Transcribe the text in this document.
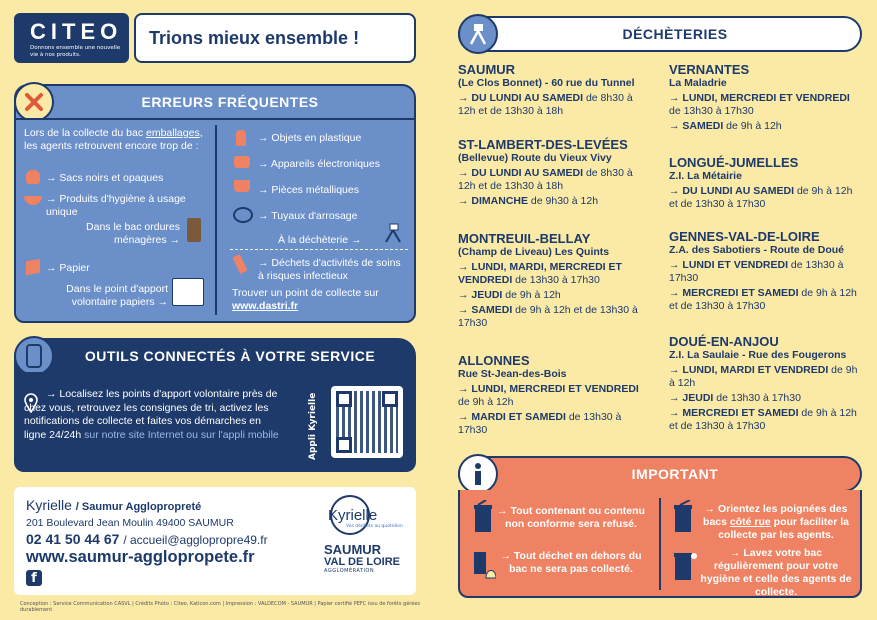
CITEO
Donnons ensemble une nouvelle vie à nos produits.
Trions mieux ensemble !
ERREURS FRÉQUENTES
Lors de la collecte du bac emballages, les agents retrouvent encore trop de :
→ Sacs noirs et opaques
→ Produits d'hygiène à usage unique
Dans le bac ordures ménagères →
→ Papier
Dans le point d'apport volontaire papiers →
→ Objets en plastique
→ Appareils électroniques
→ Pièces métalliques
→ Tuyaux d'arrosage
À la déchèterie →
→ Déchets d'activités de soins à risques infectieux
Trouver un point de collecte sur www.dastri.fr
OUTILS CONNECTÉS À VOTRE SERVICE
→ Localisez les points d'apport volontaire près de chez vous, retrouvez les consignes de tri, activez les notifications de collecte et faites vos démarches en ligne 24/24h sur notre site Internet ou sur l'appli mobile	Appli Kyrielle
Kyrielle / Saumur Agglopropreté
201 Boulevard Jean Moulin 49400 SAUMUR
02 41 50 44 67 / accueil@agglopropre49.fr
www.saumur-agglopropete.fr
f
Kyrielle
Vos déchets au quotidien
SAUMUR
VAL DE LOIRE
AGGLOMÉRATION
Conception : Service Communication CASVL | Crédits Photo : Citeo, Katicon.com | Impression : VALDECOM - SAUMUR | Papier certifié PEFC issu de forêts gérées durablement
DÉCHÈTERIES
SAUMUR
(Le Clos Bonnet) - 60 rue du Tunnel
→ DU LUNDI AU SAMEDI de 8h30 à 12h et de 13h30 à 18h
ST-LAMBERT-DES-LEVÉES
(Bellevue) Route du Vieux Vivy
→ DU LUNDI AU SAMEDI de 8h30 à 12h et de 13h30 à 18h
→ DIMANCHE de 9h30 à 12h
MONTREUIL-BELLAY
(Champ de Liveau) Les Quints
→ LUNDI, MARDI, MERCREDI ET VENDREDI de 13h30 à 17h30
→ JEUDI de 9h à 12h
→ SAMEDI de 9h à 12h et de 13h30 à 17h30
ALLONNES
Rue St-Jean-des-Bois
→ LUNDI, MERCREDI ET VENDREDI de 9h à 12h
→ MARDI ET SAMEDI de 13h30 à 17h30
VERNANTES
La Maladrie
→ LUNDI, MERCREDI ET VENDREDI de 13h30 à 17h30
→ SAMEDI de 9h à 12h
LONGUÉ-JUMELLES
Z.I. La Métairie
→ DU LUNDI AU SAMEDI de 9h à 12h et de 13h30 à 17h30
GENNES-VAL-DE-LOIRE
Z.A. des Sabotiers - Route de Doué
→ LUNDI ET VENDREDI de 13h30 à 17h30
→ MERCREDI ET SAMEDI de 9h à 12h et de 13h30 à 17h30
DOUÉ-EN-ANJOU
Z.I. La Saulaie - Rue des Fougerons
→ LUNDI, MARDI ET VENDREDI de 9h à 12h
→ JEUDI de 13h30 à 17h30
→ MERCREDI ET SAMEDI de 9h à 12h et de 13h30 à 17h30
IMPORTANT
→ Tout contenant ou contenu non conforme sera refusé.
→ Tout déchet en dehors du bac ne sera pas collecté.
→ Orientez les poignées des bacs côté rue pour faciliter la collecte par les agents.
→ Lavez votre bac régulièrement pour votre hygiène et celle des agents de collecte.
